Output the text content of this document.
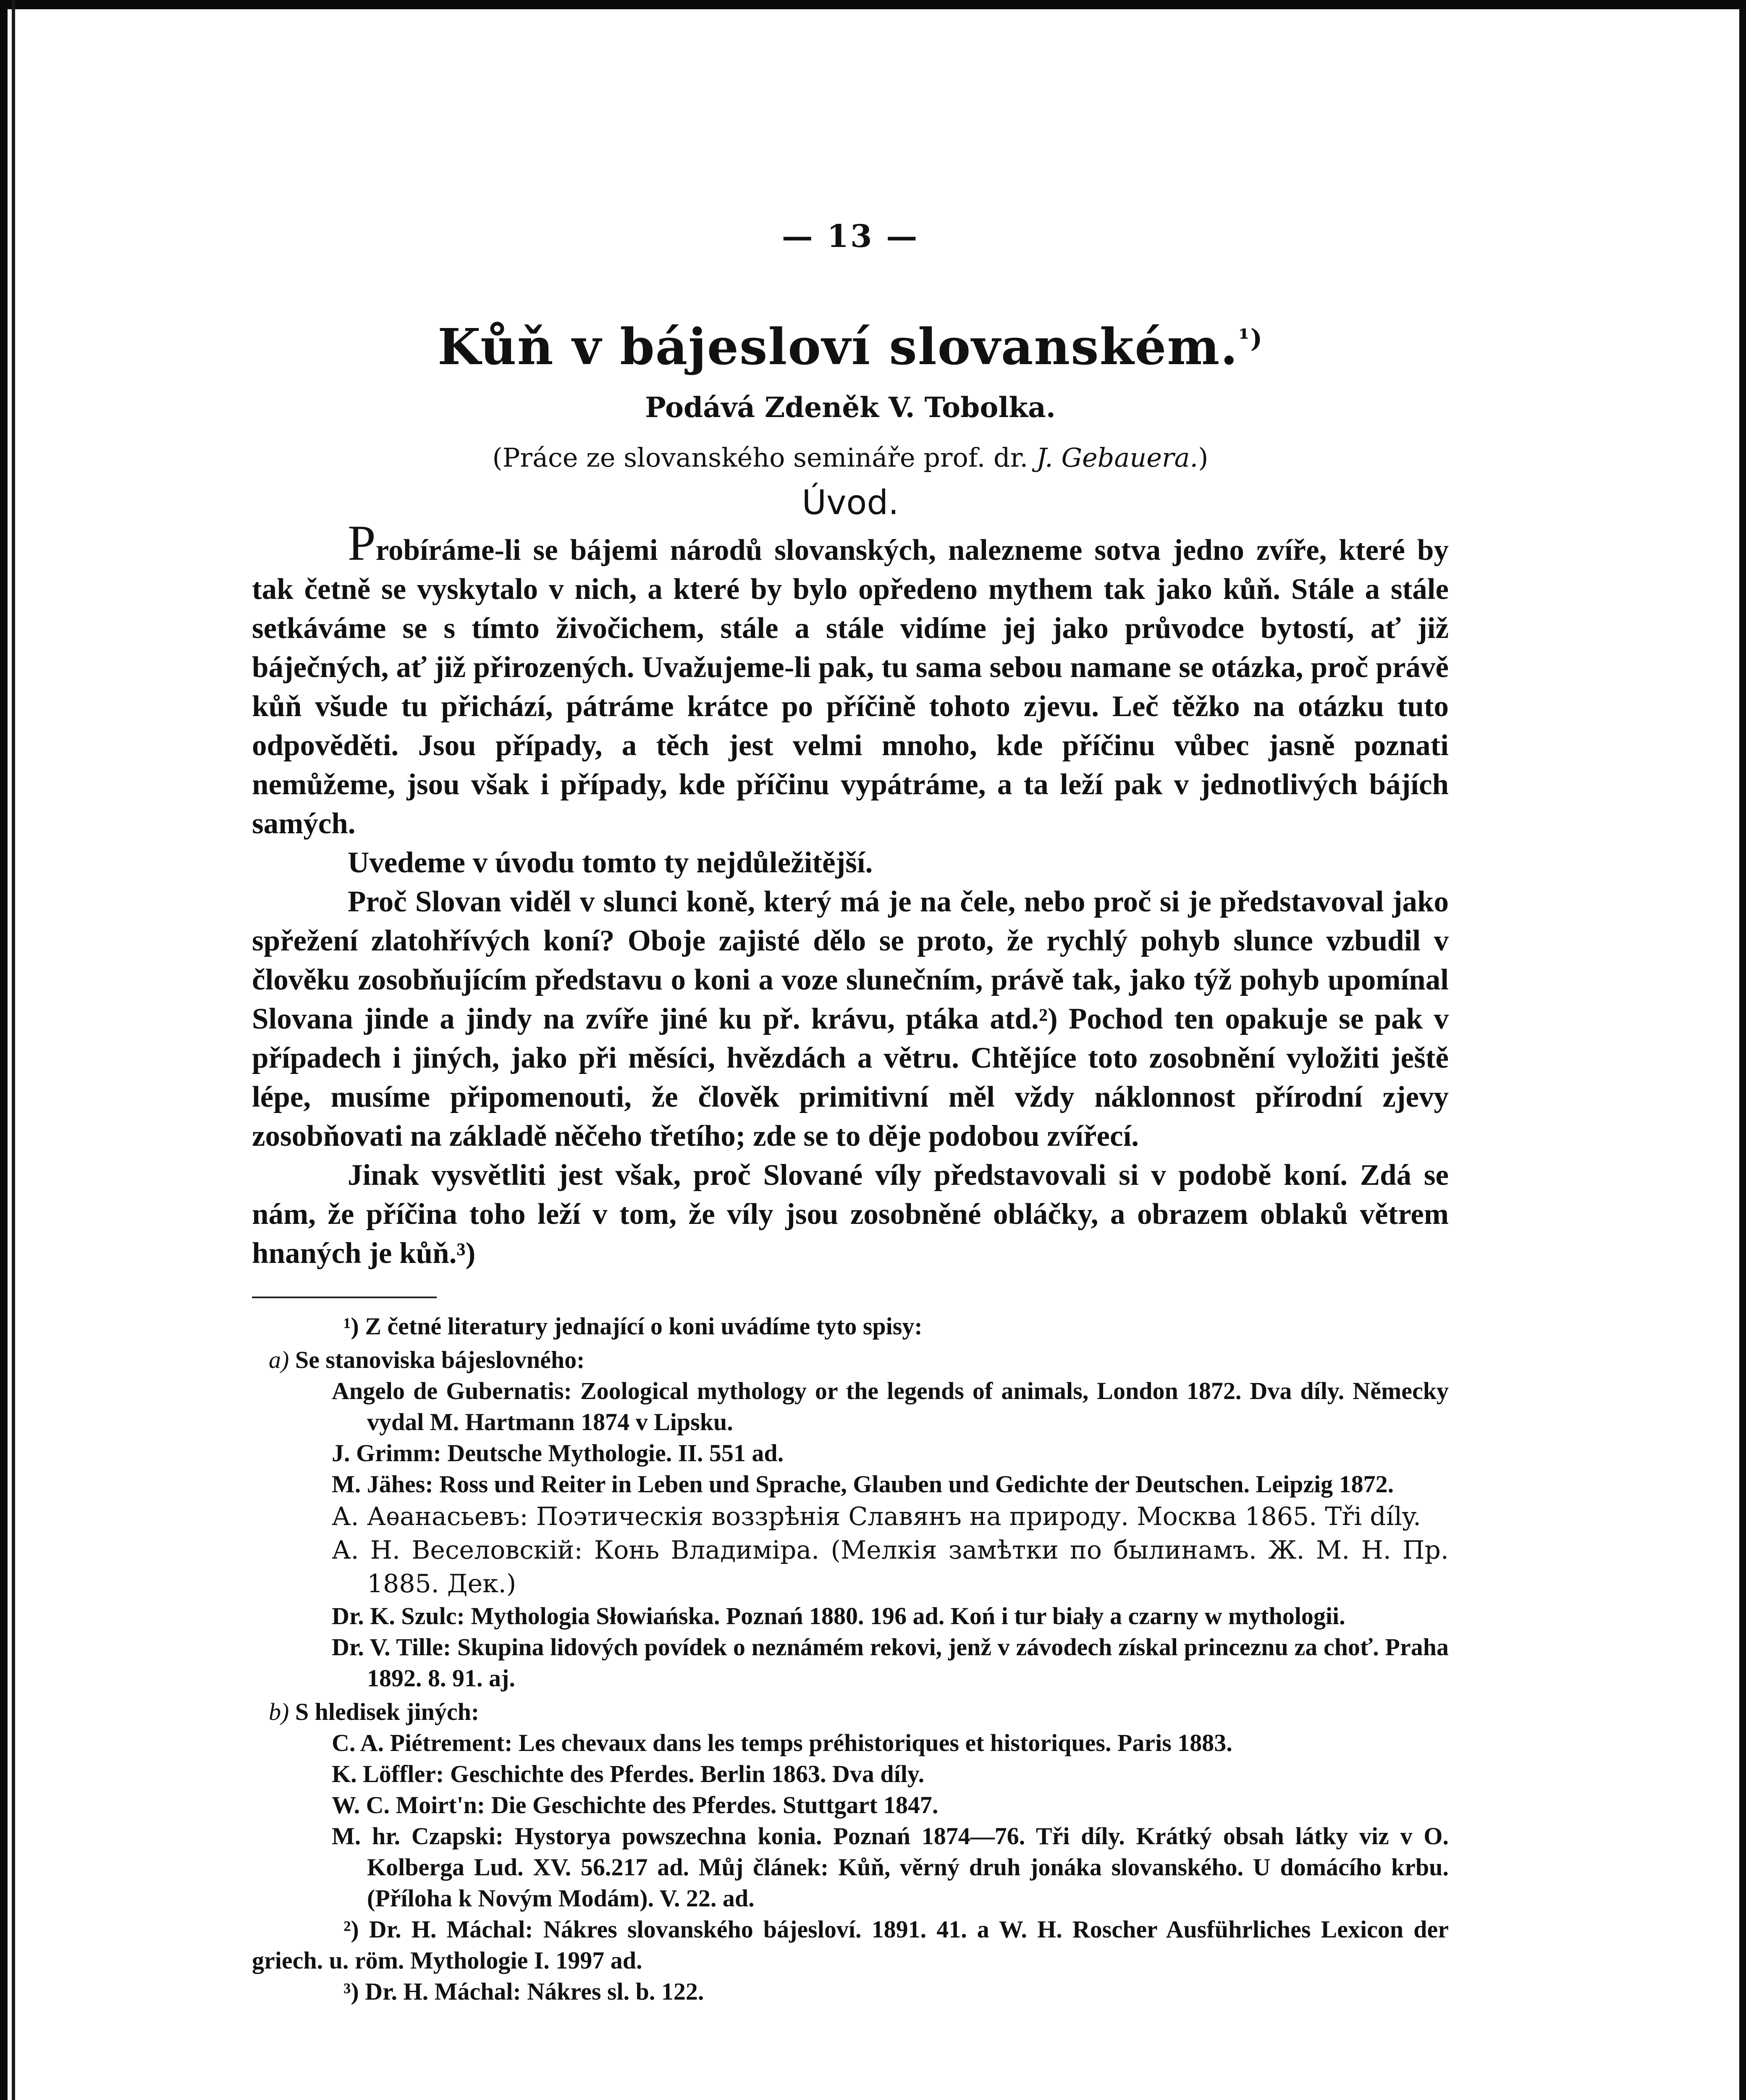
— 13 —
Kůň v bájesloví slovanském.$^{^1)}$
Podává Zdeněk V. Tobolka.
(Práce ze slovanského semináře prof. dr. J. Gebauera.)
Úvod.

Probíráme-li se bájemi národů slovanských, nalezneme sotva jedno zvíře, které by tak četně se vyskytalo v nich, a které by bylo opředeno mythem tak jako kůň. Stále a stále setkáváme se s tímto živočichem, stále a stále vidíme jej jako průvodce bytostí, ať již báječných, ať již přirozených. Uvažujeme-li pak, tu sama sebou namane se otázka, proč právě kůň všude tu přichází, pátráme krátce po příčině tohoto zjevu. Leč těžko na otázku tuto odpověděti. Jsou případy, a těch jest velmi mnoho, kde příčinu vůbec jasně poznati nemůžeme, jsou však i případy, kde příčinu vypátráme, a ta leží pak v jednotlivých bájích samých.

Uvedeme v úvodu tomto ty nejdůležitější.

Proč Slovan viděl v slunci koně, který má je na čele, nebo proč si je představoval jako spřežení zlatohřívých koní? Oboje zajisté dělo se proto, že rychlý pohyb slunce vzbudil v člověku zosobňujícím představu o koni a voze slunečním, právě tak, jako týž pohyb upomínal Slovana jinde a jindy na zvíře jiné ku př. krávu, ptáka atd.²) Pochod ten opakuje se pak v případech i jiných, jako při měsíci, hvězdách a větru. Chtějíce toto zosobnění vyložiti ještě lépe, musíme připomenouti, že člověk primitivní měl vždy náklonnost přírodní zjevy zosobňovati na základě něčeho třetího; zde se to děje podobou zvířecí.

Jinak vysvětliti jest však, proč Slované víly představovali si v podobě koní. Zdá se nám, že příčina toho leží v tom, že víly jsou zosobněné obláčky, a obrazem oblaků větrem hnaných je kůň.³)

¹) Z četné literatury jednající o koni uvádíme tyto spisy:

a) Se stanoviska bájeslovného:

Angelo de Gubernatis: Zoological mythology or the legends of animals, London 1872. Dva díly. Německy vydal M. Hartmann 1874 v Lipsku.

J. Grimm: Deutsche Mythologie. II. 551 ad.

M. Jähes: Ross und Reiter in Leben und Sprache, Glauben und Gedichte der Deutschen. Leipzig 1872.

А. Аѳанасьевъ: Поэтическія воззрѣнія Славянъ на природу. Москва 1865. Tři díly.

А. Н. Веселовскій: Конь Владиміра. (Мелкія замѣтки по былинамъ. Ж. М. Н. Пр. 1885. Дек.)

Dr. K. Szulc: Mythologia Słowiańska. Poznań 1880. 196 ad. Koń i tur biały a czarny w mythologii.

Dr. V. Tille: Skupina lidových povídek o neznámém rekovi, jenž v závodech získal princeznu za choť. Praha 1892. 8. 91. aj.

b) S hledisek jiných:

C. A. Piétrement: Les chevaux dans les temps préhistoriques et historiques. Paris 1883.

K. Löffler: Geschichte des Pferdes. Berlin 1863. Dva díly.

W. C. Moirt'n: Die Geschichte des Pferdes. Stuttgart 1847.

M. hr. Czapski: Hystorya powszechna konia. Poznań 1874—76. Tři díly. Krátký obsah látky viz v O. Kolberga Lud. XV. 56.217 ad. Můj článek: Kůň, věrný druh jonáka slovanského. U domácího krbu. (Příloha k Novým Modám). V. 22. ad.

²) Dr. H. Máchal: Nákres slovanského bájesloví. 1891. 41. a W. H. Roscher Ausführliches Lexicon der griech. u. röm. Mythologie I. 1997 ad.

³) Dr. H. Máchal: Nákres sl. b. 122.
